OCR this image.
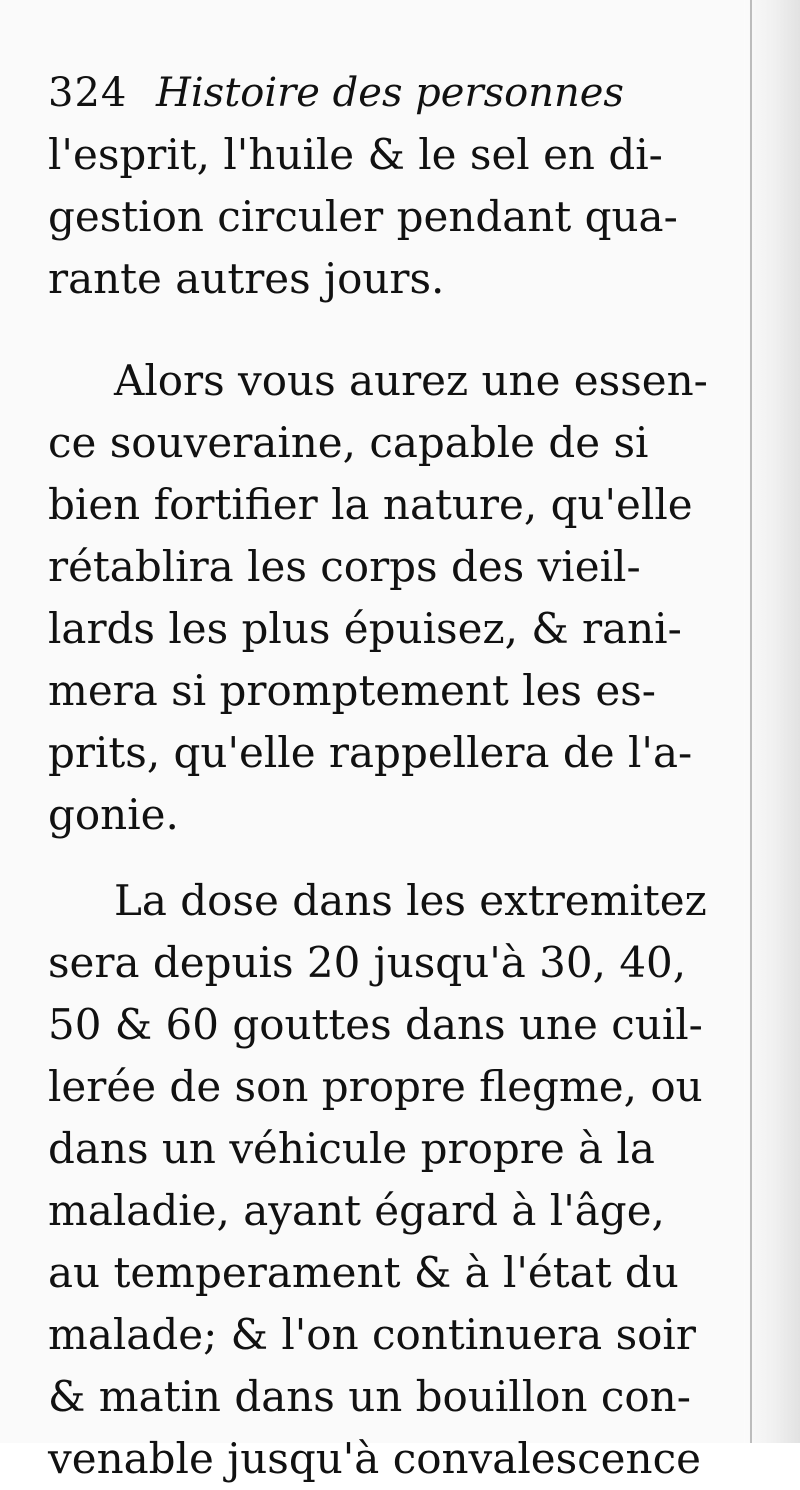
324 Histoire des personnes
l'esprit, l'huile & le sel en di-
gestion circuler pendant qua-
rante autres jours.
Alors vous aurez une essen-
ce souveraine, capable de si
bien fortifier la nature, qu'elle
rétablira les corps des vieil-
lards les plus épuisez, & rani-
mera si promptement les es-
prits, qu'elle rappellera de l'a-
gonie.
La dose dans les extremitez
sera depuis 20 jusqu'à 30, 40,
50 & 60 gouttes dans une cuil-
lerée de son propre flegme, ou
dans un véhicule propre à la
maladie, ayant égard à l'âge,
au temperament & à l'état du
malade; & l'on continuera soir
& matin dans un bouillon con-
venable jusqu'à convalescence
